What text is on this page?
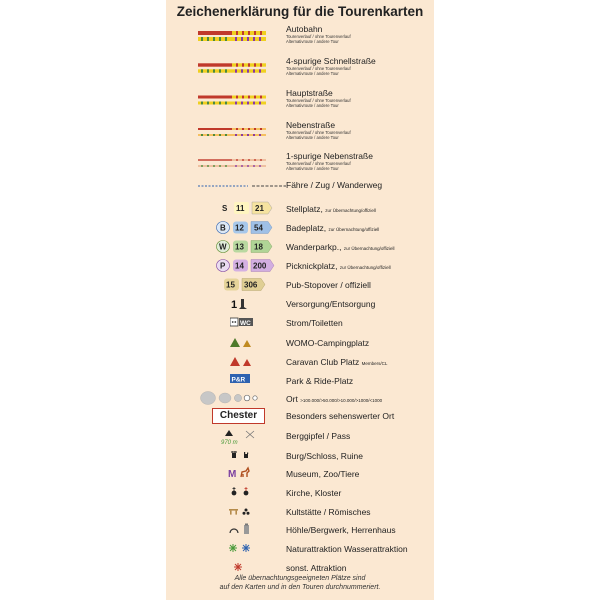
Zeichenerklärung für die Tourenkarten
Autobahn
Tourenverlauf / ohne Tourenverlauf
Alternativroute / andere Tour
4-spurige Schnellstraße
Tourenverlauf / ohne Tourenverlauf
Alternativroute / andere Tour
Hauptstraße
Tourenverlauf / ohne Tourenverlauf
Alternativroute / andere Tour
Nebenstraße
Tourenverlauf / ohne Tourenverlauf
Alternativroute / andere Tour
1-spurige Nebenstraße
Tourenverlauf / ohne Tourenverlauf
Alternativroute / andere Tour
Fähre / Zug / Wanderweg
S 11 21	Stellplatz, zur Übernachtung/offiziell
B 12 54	Badeplatz, zur Übernachtung/offiziell
W 13 18	Wanderparkp., zur Übernachtung/offiziell
P 14 200 Picknickplatz, zur Übernachtung/offiziell
15 306	Pub-Stopover / offiziell
1	Versorgung/Entsorgung
WC	Strom/Toiletten
WOMO-Campingplatz
Caravan Club Platz Members/CL
P&R	Park & Ride-Platz
Ort >100.000/>50.000/>10.000/>1000/<1000
Chester	Besonders sehenswerter Ort
970 m
Berggipfel / Pass
Burg/Schloss, Ruine
M	Museum, Zoo/Tiere
Kirche, Kloster
Kultstätte / Römisches
Höhle/Bergwerk, Herrenhaus
Naturattraktion Wasserattraktion
sonst. Attraktion
Alle übernachtungsgeeigneten Plätze sind
auf den Karten und in den Touren durchnummeriert.
